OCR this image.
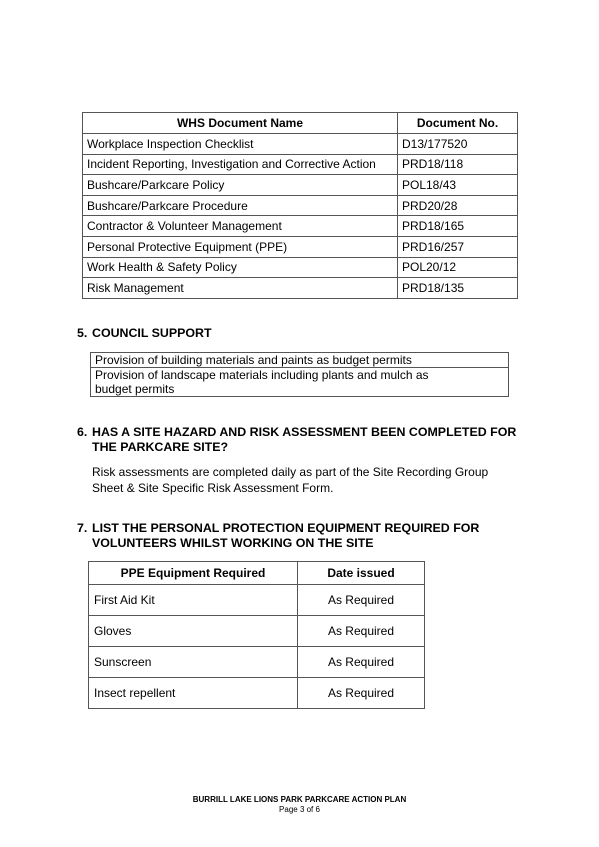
WHS Document Name	Document No.
Workplace Inspection Checklist	D13/177520
Incident Reporting, Investigation and Corrective Action	PRD18/118
Bushcare/Parkcare Policy	POL18/43
Bushcare/Parkcare Procedure	PRD20/28
Contractor & Volunteer Management	PRD18/165
Personal Protective Equipment (PPE)	PRD16/257
Work Health & Safety Policy	POL20/12
Risk Management	PRD18/135
5. COUNCIL SUPPORT
Provision of building materials and paints as budget permits
Provision of landscape materials including plants and mulch as budget permits
6. HAS A SITE HAZARD AND RISK ASSESSMENT BEEN COMPLETED FOR
THE PARKCARE SITE?
Risk assessments are completed daily as part of the Site Recording Group
Sheet & Site Specific Risk Assessment Form.
7. LIST THE PERSONAL PROTECTION EQUIPMENT REQUIRED FOR
VOLUNTEERS WHILST WORKING ON THE SITE
PPE Equipment Required	Date issued
First Aid Kit	As Required
Gloves	As Required
Sunscreen	As Required
Insect repellent	As Required
BURRILL LAKE LIONS PARK PARKCARE ACTION PLAN
Page 3 of 6
